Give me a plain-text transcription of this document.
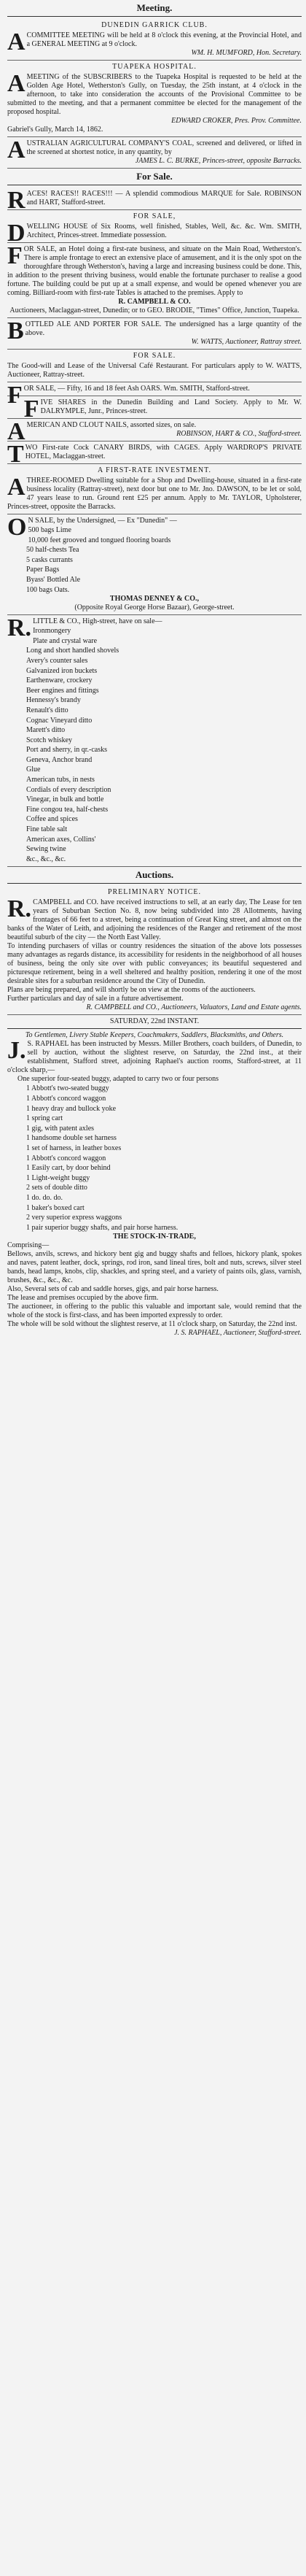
Meeting.
DUNEDIN GARRICK CLUB.
ACOMMITTEE MEETING will be held at 8 o'clock this evening, at the Provincial Hotel, and a GENERAL MEETING at 9 o'clock.
WM. H. MUMFORD, Hon. Secretary.
TUAPEKA HOSPITAL.
AMEETING of the SUBSCRIBERS to the Tuapeka Hospital is requested to be held at the Golden Age Hotel, Wetherston's Gully, on Tuesday, the 25th instant, at 4 o'clock in the afternoon, to take into consideration the accounts of the Provisional Committee to be submitted to the meeting, and that a permanent committee be elected for the management of the proposed hospital.
EDWARD CROKER, Pres. Prov. Committee.
Gabriel's Gully, March 14, 1862.
AUSTRALIAN AGRICULTURAL COMPANY'S COAL, screened and delivered, or lifted in the screened at shortest notice, in any quantity, by
JAMES L. C. BURKE, Princes-street, opposite Barracks.
For Sale.
RACES! RACES!! RACES!!! — A splendid commodious MARQUE for Sale. ROBINSON and HART, Stafford-street.
FOR SALE,
DWELLING HOUSE of Six Rooms, well finished, Stables, Well, &c. &c. Wm. SMITH, Architect, Princes-street. Immediate possession.
FOR SALE, an Hotel doing a first-rate business, and situate on the Main Road, Wetherston's. There is ample frontage to erect an extensive place of amusement, and it is the only spot on the thoroughfare through Wetherston's, having a large and increasing business could be done. This, in addition to the present thriving business, would enable the fortunate purchaser to realise a good fortune. The building could be put up at a small expense, and would be opened whenever you are coming. Billiard-room with first-rate Tables is attached to the premises. Apply to
R. CAMPBELL & CO.
Auctioneers, Maclaggan-street, Dunedin; or to GEO. BRODIE, "Times" Office, Junction, Tuapeka.
BOTTLED ALE AND PORTER FOR SALE. The undersigned has a large quantity of the above.
W. WATTS, Auctioneer, Rattray street.
FOR SALE.
The Good-will and Lease of the Universal Café Restaurant. For particulars apply to W. WATTS, Auctioneer, Rattray-street.
FOR SALE, — Fifty, 16 and 18 feet Ash OARS. Wm. SMITH, Stafford-street.
FIVE SHARES in the Dunedin Building and Land Society. Apply to Mr. W. DALRYMPLE, Junr., Princes-street.
AMERICAN AND CLOUT NAILS, assorted sizes, on sale.
ROBINSON, HART & CO., Stafford-street.
TWO First-rate Cock CANARY BIRDS, with CAGES. Apply WARDROP'S PRIVATE HOTEL, Maclaggan-street.
A FIRST-RATE INVESTMENT.
ATHREE-ROOMED Dwelling suitable for a Shop and Dwelling-house, situated in a first-rate business locality (Rattray-street), next door but one to Mr. Jno. DAWSON, to be let or sold, 47 years lease to run. Ground rent £25 per annum. Apply to Mr. TAYLOR, Upholsterer, Princes-street, opposite the Barracks.
ON SALE, by the Undersigned, — Ex "Dunedin" —
500 bags Lime
10,000 feet grooved and tongued flooring boards
50 half-chests Tea
5 casks currants
Paper Bags
Byass' Bottled Ale
100 bags Oats.
THOMAS DENNEY & CO.,
(Opposite Royal George Horse Bazaar), George-street.
R.LITTLE & CO., High-street, have on sale—
Ironmongery
Plate and crystal ware
Long and short handled shovels
Avery's counter sales
Galvanized iron buckets
Earthenware, crockery
Beer engines and fittings
Hennessy's brandy
Renault's ditto
Cognac Vineyard ditto
Marett's ditto
Scotch whiskey
Port and sherry, in qr.-casks
Geneva, Anchor brand
Glue
American tubs, in nests
Cordials of every description
Vinegar, in bulk and bottle
Fine congou tea, half-chests
Coffee and spices
Fine table salt
American axes, Collins'
Sewing twine
&c., &c., &c.
Auctions.
PRELIMINARY NOTICE.
R.CAMPBELL and CO. have received instructions to sell, at an early day, The Lease for ten years of Suburban Section No. 8, now being subdivided into 28 Allotments, having frontages of 66 feet to a street, being a continuation of Great King street, and almost on the banks of the Water of Leith, and adjoining the residences of the Ranger and retirement of the most beautiful suburb of the city — the North East Valley.
To intending purchasers of villas or country residences the situation of the above lots possesses many advantages as regards distance, its accessibility for residents in the neighborhood of all houses of business, being the only site over with public conveyances; its beautiful sequestered and picturesque retirement, being in a well sheltered and healthy position, rendering it one of the most desirable sites for a suburban residence around the City of Dunedin.
Plans are being prepared, and will shortly be on view at the rooms of the auctioneers.
Further particulars and day of sale in a future advertisement.
R. CAMPBELL and CO., Auctioneers, Valuators, Land and Estate agents.
SATURDAY, 22nd INSTANT.
To Gentlemen, Livery Stable Keepers, Coachmakers, Saddlers, Blacksmiths, and Others.
J.S. RAPHAEL has been instructed by Messrs. Miller Brothers, coach builders, of Dunedin, to sell by auction, without the slightest reserve, on Saturday, the 22nd inst., at their establishment, Stafford street, adjoining Raphael's auction rooms, Stafford-street, at 11 o'clock sharp,—
One superior four-seated buggy, adapted to carry two or four persons
1 Abbott's two-seated buggy
1 Abbott's concord waggon
1 heavy dray and bullock yoke
1 spring cart
1 gig, with patent axles
1 handsome double set harness
1 set of harness, in leather boxes
1 Abbott's concord waggon
1 Easily cart, by door behind
1 Light-weight buggy
2 sets of double ditto
1 do. do. do.
1 baker's boxed cart
2 very superior express waggons
1 pair superior buggy shafts, and pair horse harness.
THE STOCK-IN-TRADE,
Comprising—
Bellows, anvils, screws, and hickory bent gig and buggy shafts and felloes, hickory plank, spokes and naves, patent leather, dock, springs, rod iron, sand lineal tires, bolt and nuts, screws, silver steel bands, head lamps, knobs, clip, shackles, and spring steel, and a variety of paints oils, glass, varnish, brushes, &c., &c., &c.
Also, Several sets of cab and saddle horses, gigs, and pair horse harness.
The lease and premises occupied by the above firm.
The auctioneer, in offering to the public this valuable and important sale, would remind that the whole of the stock is first-class, and has been imported expressly to order.
The whole will be sold without the slightest reserve, at 11 o'clock sharp, on Saturday, the 22nd inst.
J. S. RAPHAEL, Auctioneer, Stafford-street.
